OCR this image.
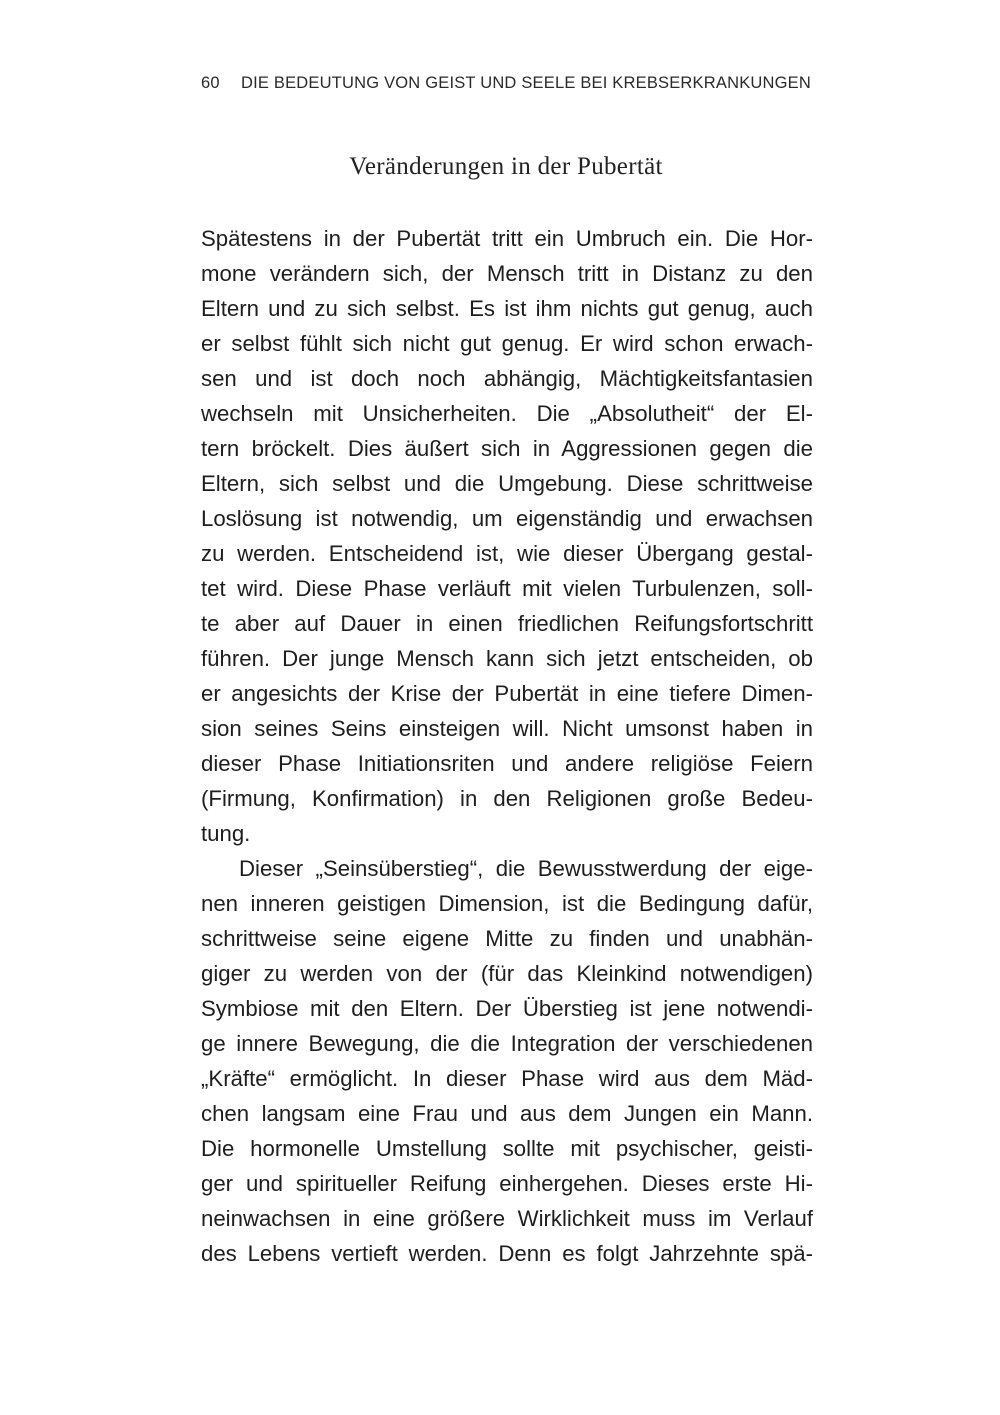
60 DIE BEDEUTUNG VON GEIST UND SEELE BEI KREBSERKRANKUNGEN
Veränderungen in der Pubertät
Spätestens in der Pubertät tritt ein Umbruch ein. Die Hor-
mone verändern sich, der Mensch tritt in Distanz zu den
Eltern und zu sich selbst. Es ist ihm nichts gut genug, auch
er selbst fühlt sich nicht gut genug. Er wird schon erwach-
sen und ist doch noch abhängig, Mächtigkeitsfantasien
wechseln mit Unsicherheiten. Die „Absolutheit“ der El-
tern bröckelt. Dies äußert sich in Aggressionen gegen die
Eltern, sich selbst und die Umgebung. Diese schrittweise
Loslösung ist notwendig, um eigenständig und erwachsen
zu werden. Entscheidend ist, wie dieser Übergang gestal-
tet wird. Diese Phase verläuft mit vielen Turbulenzen, soll-
te aber auf Dauer in einen friedlichen Reifungsfortschritt
führen. Der junge Mensch kann sich jetzt entscheiden, ob
er angesichts der Krise der Pubertät in eine tiefere Dimen-
sion seines Seins einsteigen will. Nicht umsonst haben in
dieser Phase Initiationsriten und andere religiöse Feiern
(Firmung, Konfirmation) in den Religionen große Bedeu-
tung.
Dieser „Seinsüberstieg“, die Bewusstwerdung der eige-
nen inneren geistigen Dimension, ist die Bedingung dafür,
schrittweise seine eigene Mitte zu finden und unabhän-
giger zu werden von der (für das Kleinkind notwendigen)
Symbiose mit den Eltern. Der Überstieg ist jene notwendi-
ge innere Bewegung, die die Integration der verschiedenen
„Kräfte“ ermöglicht. In dieser Phase wird aus dem Mäd-
chen langsam eine Frau und aus dem Jungen ein Mann.
Die hormonelle Umstellung sollte mit psychischer, geisti-
ger und spiritueller Reifung einhergehen. Dieses erste Hi-
neinwachsen in eine größere Wirklichkeit muss im Verlauf
des Lebens vertieft werden. Denn es folgt Jahrzehnte spä-
